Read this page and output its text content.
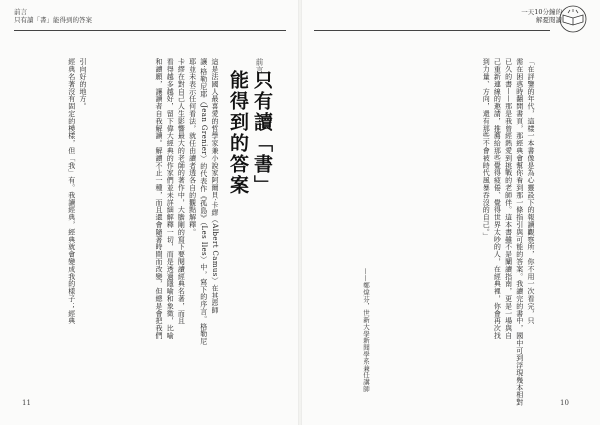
前言
只有讀「書」能得到的答案
一天10分鐘的
解憂閱讀
前言
只有讀「書」
能得到的答案
這是法國人最喜愛的哲學家兼小說家阿爾貝‧卡繆（Albert Camus）在其恩師
讓‧格勒尼耶（Jean Grenier）的代表作《孤島》（Les Iles）中，寫下的序言。格勒尼
耶並未表示任何看法，就任由讀者透各自的觀點解釋。
卡繆在對自己人生影響最大的老師的著作中，大膽剛的寫下要閱讀經典名著，而且
看得越多越好，留下偉大經典的作家們並未詳細解釋一切，而是透過隱喻和象徵，比喻
和讀願，讓讀者自我解讀。解讀不止一種，而且還會隨著時間而改變，但總是會把我們
引向好的地方。
經典名著沒有固定的模樣，但「我」有。我讀經典，經典就會變成我的樣子；經典	「在評鑒的年代，這樣一本書像是為心靈設下的報讀觀察所，你不用一次看完，只
需在困惑時翻開書頁，那經典會幫你看到那一條指引與可能的答案。我讀完的書中，國中可到浮現幾本相對
已久的書——那是我曾經熱愛到挑戰的老師伴。這本書雖不是闡讀指南，更是一場與自
己重新連線的邀請，推薦給那些覺得疲倦、覺得世界太吵的人，在經典裡，你會再次找
到力量、方向，還有那些不會被時代風暴吞沒的自己。」
——鄭煒芬，世新大學新聞學系兼任講師
11	10
